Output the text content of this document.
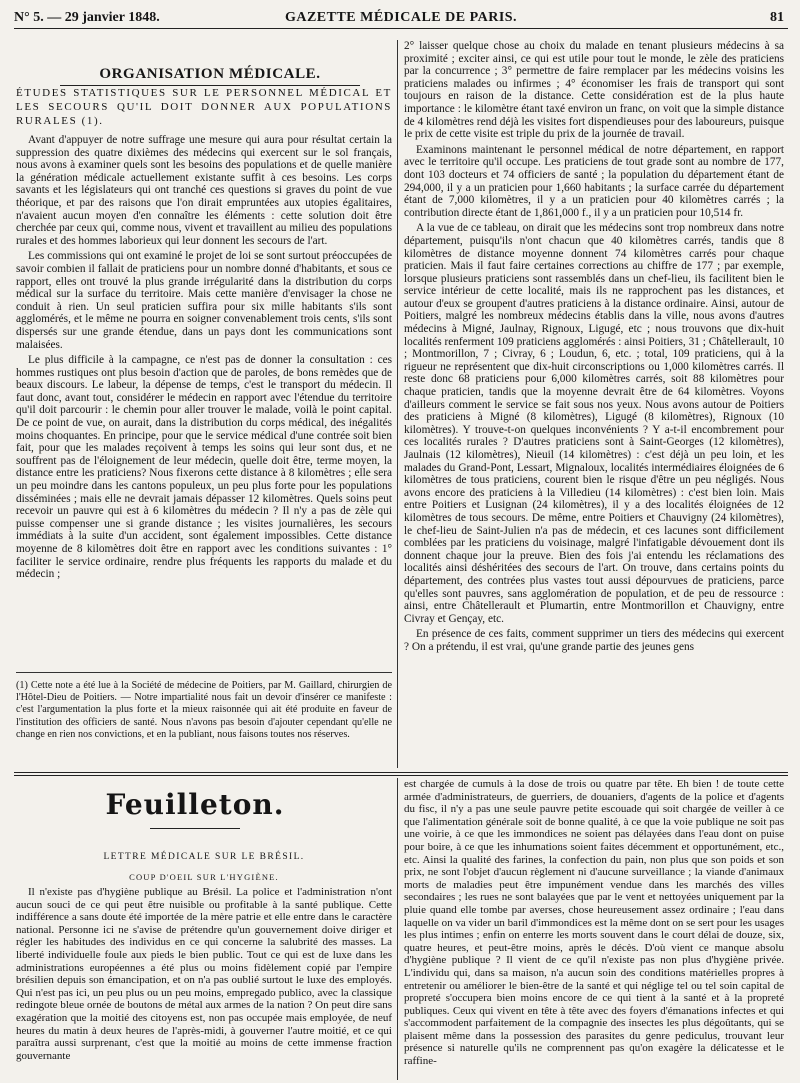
N° 5. — 29 janvier 1848.	GAZETTE MÉDICALE DE PARIS.	81
ORGANISATION MÉDICALE.

ÉTUDES STATISTIQUES SUR LE PERSONNEL MÉDICAL ET LES SECOURS QU'IL DOIT DONNER AUX POPULATIONS RURALES (1).

Avant d'appuyer de notre suffrage une mesure qui aura pour résultat certain la suppression des quatre dixièmes des médecins qui exercent sur le sol français, nous avons à examiner quels sont les besoins des populations et de quelle manière la génération médicale actuellement existante suffit à ces besoins. Les corps savants et les législateurs qui ont tranché ces questions si graves du point de vue théorique, et par des raisons que l'on dirait empruntées aux utopies égalitaires, n'avaient aucun moyen d'en connaître les éléments : cette solution doit être cherchée par ceux qui, comme nous, vivent et travaillent au milieu des populations rurales et des hommes laborieux qui leur donnent les secours de l'art.

Les commissions qui ont examiné le projet de loi se sont surtout préoccupées de savoir combien il fallait de praticiens pour un nombre donné d'habitants, et sous ce rapport, elles ont trouvé la plus grande irrégularité dans la distribution du corps médical sur la surface du territoire. Mais cette manière d'envisager la chose ne conduit à rien. Un seul praticien suffira pour six mille habitants s'ils sont agglomérés, et le même ne pourra en soigner convenablement trois cents, s'ils sont dispersés sur une grande étendue, dans un pays dont les communications sont malaisées.

Le plus difficile à la campagne, ce n'est pas de donner la consultation : ces hommes rustiques ont plus besoin d'action que de paroles, de bons remèdes que de beaux discours. Le labeur, la dépense de temps, c'est le transport du médecin. Il faut donc, avant tout, considérer le médecin en rapport avec l'étendue du territoire qu'il doit parcourir : le chemin pour aller trouver le malade, voilà le point capital. De ce point de vue, on aurait, dans la distribution du corps médical, des inégalités moins choquantes. En principe, pour que le service médical d'une contrée soit bien fait, pour que les malades reçoivent à temps les soins qui leur sont dus, et ne souffrent pas de l'éloignement de leur médecin, quelle doit être, terme moyen, la distance entre les praticiens? Nous fixerons cette distance à 8 kilomètres ; elle sera un peu moindre dans les cantons populeux, un peu plus forte pour les populations disséminées ; mais elle ne devrait jamais dépasser 12 kilomètres. Quels soins peut recevoir un pauvre qui est à 6 kilomètres du médecin ? Il n'y a pas de zèle qui puisse compenser une si grande distance ; les visites journalières, les secours immédiats à la suite d'un accident, sont également impossibles. Cette distance moyenne de 8 kilomètres doit être en rapport avec les conditions suivantes : 1° faciliter le service ordinaire, rendre plus fréquents les rapports du malade et du médecin ;

(1) Cette note a été lue à la Société de médecine de Poitiers, par M. Gaillard, chirurgien de l'Hôtel-Dieu de Poitiers. — Notre impartialité nous fait un devoir d'insérer ce manifeste : c'est l'argumentation la plus forte et la mieux raisonnée qui ait été produite en faveur de l'institution des officiers de santé. Nous n'avons pas besoin d'ajouter cependant qu'elle ne change en rien nos convictions, et en la publiant, nous faisons toutes nos réserves.

2° laisser quelque chose au choix du malade en tenant plusieurs médecins à sa proximité ; exciter ainsi, ce qui est utile pour tout le monde, le zèle des praticiens par la concurrence ; 3° permettre de faire remplacer par les médecins voisins les praticiens malades ou infirmes ; 4° économiser les frais de transport qui sont toujours en raison de la distance. Cette considération est de la plus haute importance : le kilomètre étant taxé environ un franc, on voit que la simple distance de 4 kilomètres rend déjà les visites fort dispendieuses pour des laboureurs, puisque le prix de cette visite est triple du prix de la journée de travail.

Examinons maintenant le personnel médical de notre département, en rapport avec le territoire qu'il occupe. Les praticiens de tout grade sont au nombre de 177, dont 103 docteurs et 74 officiers de santé ; la population du département étant de 294,000, il y a un praticien pour 1,660 habitants ; la surface carrée du département étant de 7,000 kilomètres, il y a un praticien pour 40 kilomètres carrés ; la contribution directe étant de 1,861,000 f., il y a un praticien pour 10,514 fr.

A la vue de ce tableau, on dirait que les médecins sont trop nombreux dans notre département, puisqu'ils n'ont chacun que 40 kilomètres carrés, tandis que 8 kilomètres de distance moyenne donnent 74 kilomètres carrés pour chaque praticien. Mais il faut faire certaines corrections au chiffre de 177 ; par exemple, lorsque plusieurs praticiens sont rassemblés dans un chef-lieu, ils facilitent bien le service intérieur de cette localité, mais ils ne rapprochent pas les distances, et autour d'eux se groupent d'autres praticiens à la distance ordinaire. Ainsi, autour de Poitiers, malgré les nombreux médecins établis dans la ville, nous avons d'autres médecins à Migné, Jaulnay, Rignoux, Ligugé, etc ; nous trouvons que dix-huit localités renferment 109 praticiens agglomérés : ainsi Poitiers, 31 ; Châtellerault, 10 ; Montmorillon, 7 ; Civray, 6 ; Loudun, 6, etc. ; total, 109 praticiens, qui à la rigueur ne représentent que dix-huit circonscriptions ou 1,000 kilomètres carrés. Il reste donc 68 praticiens pour 6,000 kilomètres carrés, soit 88 kilomètres pour chaque praticien, tandis que la moyenne devrait être de 64 kilomètres. Voyons d'ailleurs comment le service se fait sous nos yeux. Nous avons autour de Poitiers des praticiens à Migné (8 kilomètres), Ligugé (8 kilomètres), Rignoux (10 kilomètres). Y trouve-t-on quelques inconvénients ? Y a-t-il encombrement pour ces localités rurales ? D'autres praticiens sont à Saint-Georges (12 kilomètres), Jaulnais (12 kilomètres), Nieuil (14 kilomètres) : c'est déjà un peu loin, et les malades du Grand-Pont, Lessart, Mignaloux, localités intermédiaires éloignées de 6 kilomètres de tous praticiens, courent bien le risque d'être un peu négligés. Nous avons encore des praticiens à la Villedieu (14 kilomètres) : c'est bien loin. Mais entre Poitiers et Lusignan (24 kilomètres), il y a des localités éloignées de 12 kilomètres de tous secours. De même, entre Poitiers et Chauvigny (24 kilomètres), le chef-lieu de Saint-Julien n'a pas de médecin, et ces lacunes sont difficilement comblées par les praticiens du voisinage, malgré l'infatigable dévouement dont ils donnent chaque jour la preuve. Bien des fois j'ai entendu les réclamations des localités ainsi déshéritées des secours de l'art. On trouve, dans certains points du département, des contrées plus vastes tout aussi dépourvues de praticiens, parce qu'elles sont pauvres, sans agglomération de population, et de peu de ressource : ainsi, entre Châtellerault et Plumartin, entre Montmorillon et Chauvigny, entre Civray et Gençay, etc.

En présence de ces faits, comment supprimer un tiers des médecins qui exercent ? On a prétendu, il est vrai, qu'une grande partie des jeunes gens

Feuilleton.
LETTRE MÉDICALE SUR LE BRÉSIL.
COUP D'OEIL SUR L'HYGIÈNE.

Il n'existe pas d'hygiène publique au Brésil. La police et l'administration n'ont aucun souci de ce qui peut être nuisible ou profitable à la santé publique. Cette indifférence a sans doute été importée de la mère patrie et elle entre dans le caractère national. Personne ici ne s'avise de prétendre qu'un gouvernement doive diriger et régler les habitudes des individus en ce qui concerne la salubrité des masses. La liberté individuelle foule aux pieds le bien public. Tout ce qui est de luxe dans les administrations européennes a été plus ou moins fidèlement copié par l'empire brésilien depuis son émancipation, et on n'a pas oublié surtout le luxe des employés. Qui n'est pas ici, un peu plus ou un peu moins, empregado publico, avec la classique redingote bleue ornée de boutons de métal aux armes de la nation ? On peut dire sans exagération que la moitié des citoyens est, non pas occupée mais employée, de neuf heures du matin à deux heures de l'après-midi, à gouverner l'autre moitié, et ce qui paraîtra aussi surprenant, c'est que la moitié au moins de cette immense fraction gouvernante

est chargée de cumuls à la dose de trois ou quatre par tête. Eh bien ! de toute cette armée d'administrateurs, de guerriers, de douaniers, d'agents de la police et d'agents du fisc, il n'y a pas une seule pauvre petite escouade qui soit chargée de veiller à ce que l'alimentation générale soit de bonne qualité, à ce que la voie publique ne soit pas une voirie, à ce que les immondices ne soient pas délayées dans l'eau dont on puise pour boire, à ce que les inhumations soient faites décemment et opportunément, etc., etc. Ainsi la qualité des farines, la confection du pain, non plus que son poids et son prix, ne sont l'objet d'aucun règlement ni d'aucune surveillance ; la viande d'animaux morts de maladies peut être impunément vendue dans les marchés des villes secondaires ; les rues ne sont balayées que par le vent et nettoyées uniquement par la pluie quand elle tombe par averses, chose heureusement assez ordinaire ; l'eau dans laquelle on va vider un baril d'immondices est la même dont on se sert pour les usages les plus intimes ; enfin on enterre les morts souvent dans le court délai de douze, six, quatre heures, et peut-être moins, après le décès. D'où vient ce manque absolu d'hygiène publique ? Il vient de ce qu'il n'existe pas non plus d'hygiène privée. L'individu qui, dans sa maison, n'a aucun soin des conditions matérielles propres à entretenir ou améliorer le bien-être de la santé et qui néglige tel ou tel soin capital de propreté s'occupera bien moins encore de ce qui tient à la santé et à la propreté publiques. Ceux qui vivent en tête à tête avec des foyers d'émanations infectes et qui s'accommodent parfaitement de la compagnie des insectes les plus dégoûtants, qui se plaisent même dans la possession des parasites du genre pediculus, trouvant leur présence si naturelle qu'ils ne comprennent pas qu'on exagère la délicatesse et le raffine-
